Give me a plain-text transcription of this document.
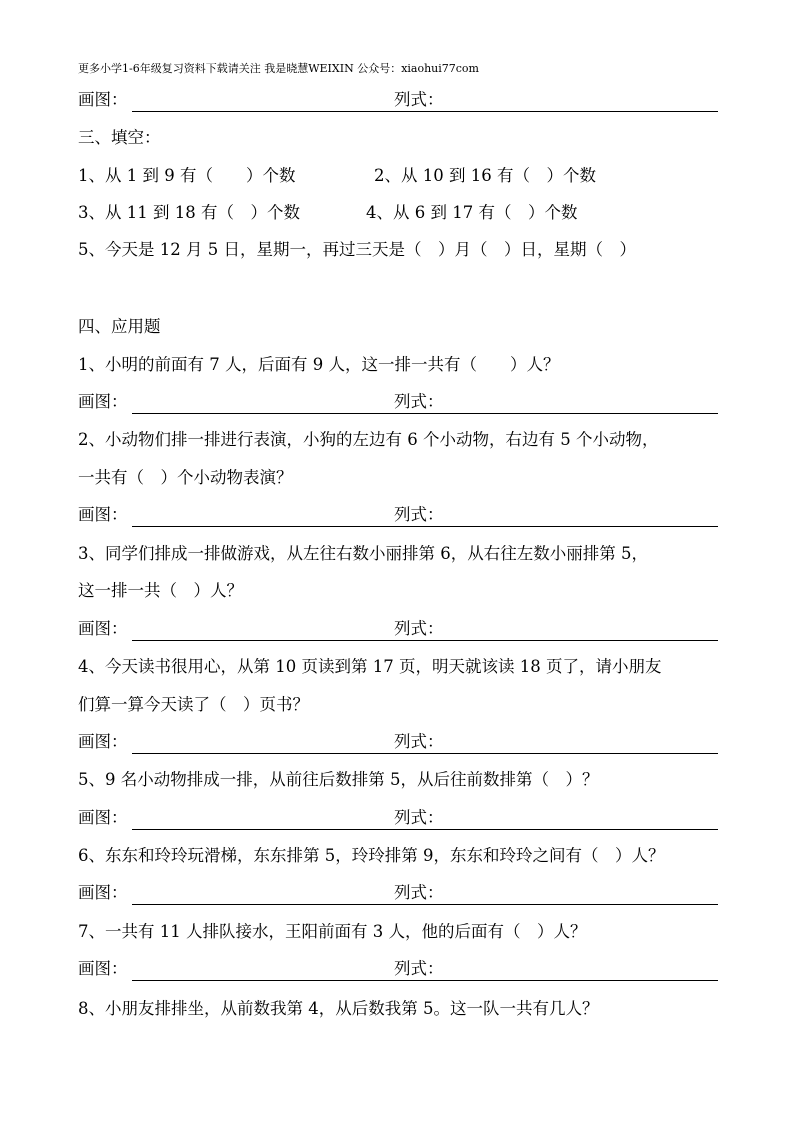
更多小学1-6年级复习资料下载请关注 我是晓慧WEIXIN 公众号：xiaohui77com
画图：	列式：
三、填空：
1、从 1 到 9 有（　　）个数	2、从 10 到 16 有（　）个数
3、从 11 到 18 有（　）个数	4、从 6 到 17 有（　）个数
5、今天是 12 月 5 日，星期一，再过三天是（　）月（　）日，星期（　）
四、应用题
1、小明的前面有 7 人，后面有 9 人，这一排一共有（　　）人？
画图：	列式：
2、小动物们排一排进行表演，小狗的左边有 6 个小动物，右边有 5 个小动物，
一共有（　）个小动物表演？
画图：	列式：
3、同学们排成一排做游戏，从左往右数小丽排第 6，从右往左数小丽排第 5，
这一排一共（　）人？
画图：	列式：
4、今天读书很用心，从第 10 页读到第 17 页，明天就该读 18 页了，请小朋友
们算一算今天读了（　）页书？
画图：	列式：
5、9 名小动物排成一排，从前往后数排第 5，从后往前数排第（　）？
画图：	列式：
6、东东和玲玲玩滑梯，东东排第 5，玲玲排第 9，东东和玲玲之间有（　）人？
画图：	列式：
7、一共有 11 人排队接水，王阳前面有 3 人，他的后面有（　）人？
画图：	列式：
8、小朋友排排坐，从前数我第 4，从后数我第 5。这一队一共有几人？
